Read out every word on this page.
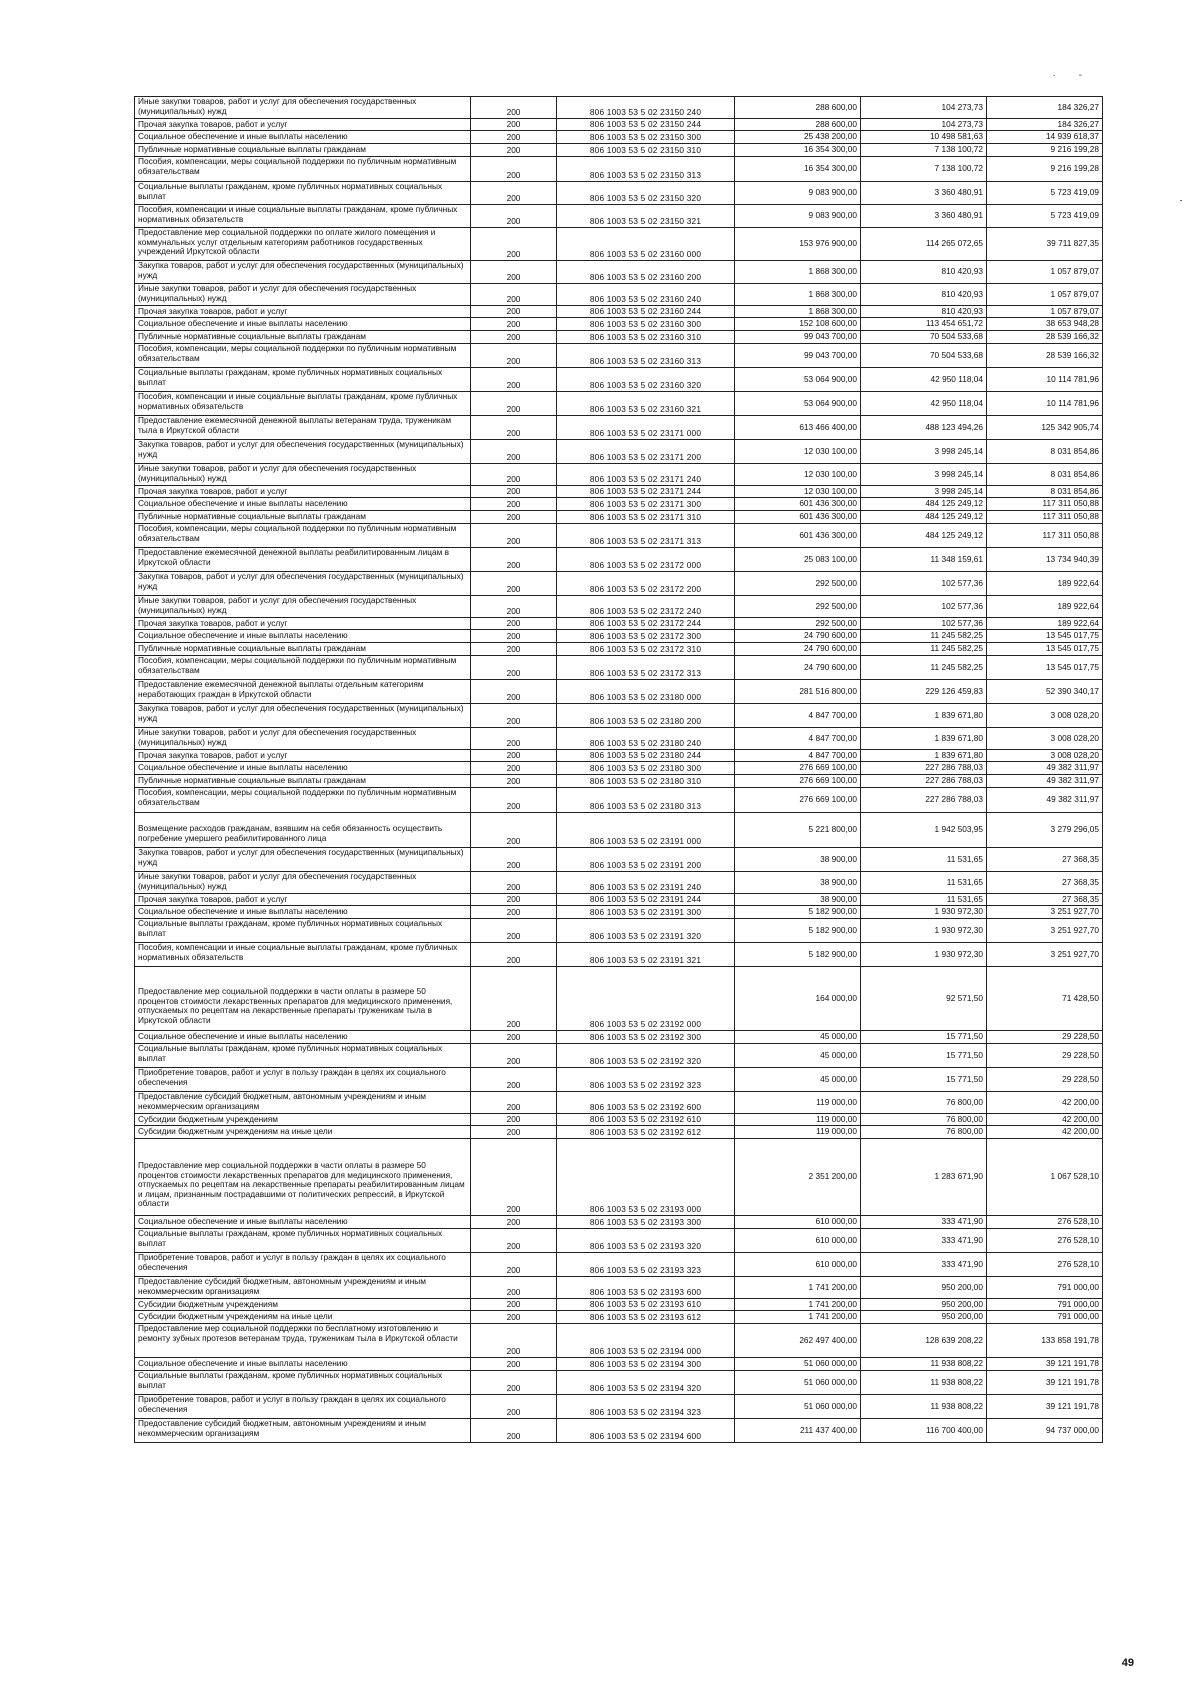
· -
Иные закупки товаров, работ и услуг для обеспечения государственных (муниципальных) нужд	200	806 1003 53 5 02 23150 240	288 600,00	104 273,73	184 326,27
Прочая закупка товаров, работ и услуг	200	806 1003 53 5 02 23150 244	288 600,00	104 273,73	184 326,27
Социальное обеспечение и иные выплаты населению	200	806 1003 53 5 02 23150 300	25 438 200,00	10 498 581,63	14 939 618,37
Публичные нормативные социальные выплаты гражданам	200	806 1003 53 5 02 23150 310	16 354 300,00	7 138 100,72	9 216 199,28
Пособия, компенсации, меры социальной поддержки по публичным нормативным обязательствам	200	806 1003 53 5 02 23150 313	16 354 300,00	7 138 100,72	9 216 199,28
Социальные выплаты гражданам, кроме публичных нормативных социальных выплат	200	806 1003 53 5 02 23150 320	9 083 900,00	3 360 480,91	5 723 419,09
Пособия, компенсации и иные социальные выплаты гражданам, кроме публичных нормативных обязательств	200	806 1003 53 5 02 23150 321	9 083 900,00	3 360 480,91	5 723 419,09
Предоставление мер социальной поддержки по оплате жилого помещения и коммунальных услуг отдельным категориям работников государственных учреждений Иркутской области	200	806 1003 53 5 02 23160 000	153 976 900,00	114 265 072,65	39 711 827,35
Закупка товаров, работ и услуг для обеспечения государственных (муниципальных) нужд	200	806 1003 53 5 02 23160 200	1 868 300,00	810 420,93	1 057 879,07
Иные закупки товаров, работ и услуг для обеспечения государственных (муниципальных) нужд	200	806 1003 53 5 02 23160 240	1 868 300,00	810 420,93	1 057 879,07
Прочая закупка товаров, работ и услуг	200	806 1003 53 5 02 23160 244	1 868 300,00	810 420,93	1 057 879,07
Социальное обеспечение и иные выплаты населению	200	806 1003 53 5 02 23160 300	152 108 600,00	113 454 651,72	38 653 948,28
Публичные нормативные социальные выплаты гражданам	200	806 1003 53 5 02 23160 310	99 043 700,00	70 504 533,68	28 539 166,32
Пособия, компенсации, меры социальной поддержки по публичным нормативным обязательствам	200	806 1003 53 5 02 23160 313	99 043 700,00	70 504 533,68	28 539 166,32
Социальные выплаты гражданам, кроме публичных нормативных социальных выплат	200	806 1003 53 5 02 23160 320	53 064 900,00	42 950 118,04	10 114 781,96
Пособия, компенсации и иные социальные выплаты гражданам, кроме публичных нормативных обязательств	200	806 1003 53 5 02 23160 321	53 064 900,00	42 950 118,04	10 114 781,96
Предоставление ежемесячной денежной выплаты ветеранам труда, труженикам тыла в Иркутской области	200	806 1003 53 5 02 23171 000	613 466 400,00	488 123 494,26	125 342 905,74
Закупка товаров, работ и услуг для обеспечения государственных (муниципальных) нужд	200	806 1003 53 5 02 23171 200	12 030 100,00	3 998 245,14	8 031 854,86
Иные закупки товаров, работ и услуг для обеспечения государственных (муниципальных) нужд	200	806 1003 53 5 02 23171 240	12 030 100,00	3 998 245,14	8 031 854,86
Прочая закупка товаров, работ и услуг	200	806 1003 53 5 02 23171 244	12 030 100,00	3 998 245,14	8 031 854,86
Социальное обеспечение и иные выплаты населению	200	806 1003 53 5 02 23171 300	601 436 300,00	484 125 249,12	117 311 050,88
Публичные нормативные социальные выплаты гражданам	200	806 1003 53 5 02 23171 310	601 436 300,00	484 125 249,12	117 311 050,88
Пособия, компенсации, меры социальной поддержки по публичным нормативным обязательствам	200	806 1003 53 5 02 23171 313	601 436 300,00	484 125 249,12	117 311 050,88
Предоставление ежемесячной денежной выплаты реабилитированным лицам в Иркутской области	200	806 1003 53 5 02 23172 000	25 083 100,00	11 348 159,61	13 734 940,39
Закупка товаров, работ и услуг для обеспечения государственных (муниципальных) нужд	200	806 1003 53 5 02 23172 200	292 500,00	102 577,36	189 922,64
Иные закупки товаров, работ и услуг для обеспечения государственных (муниципальных) нужд	200	806 1003 53 5 02 23172 240	292 500,00	102 577,36	189 922,64
Прочая закупка товаров, работ и услуг	200	806 1003 53 5 02 23172 244	292 500,00	102 577,36	189 922,64
Социальное обеспечение и иные выплаты населению	200	806 1003 53 5 02 23172 300	24 790 600,00	11 245 582,25	13 545 017,75
Публичные нормативные социальные выплаты гражданам	200	806 1003 53 5 02 23172 310	24 790 600,00	11 245 582,25	13 545 017,75
Пособия, компенсации, меры социальной поддержки по публичным нормативным обязательствам	200	806 1003 53 5 02 23172 313	24 790 600,00	11 245 582,25	13 545 017,75
Предоставление ежемесячной денежной выплаты отдельным категориям неработающих граждан в Иркутской области	200	806 1003 53 5 02 23180 000	281 516 800,00	229 126 459,83	52 390 340,17
Закупка товаров, работ и услуг для обеспечения государственных (муниципальных) нужд	200	806 1003 53 5 02 23180 200	4 847 700,00	1 839 671,80	3 008 028,20
Иные закупки товаров, работ и услуг для обеспечения государственных (муниципальных) нужд	200	806 1003 53 5 02 23180 240	4 847 700,00	1 839 671,80	3 008 028,20
Прочая закупка товаров, работ и услуг	200	806 1003 53 5 02 23180 244	4 847 700,00	1 839 671,80	3 008 028,20
Социальное обеспечение и иные выплаты населению	200	806 1003 53 5 02 23180 300	276 669 100,00	227 286 788,03	49 382 311,97
Публичные нормативные социальные выплаты гражданам	200	806 1003 53 5 02 23180 310	276 669 100,00	227 286 788,03	49 382 311,97
Пособия, компенсации, меры социальной поддержки по публичным нормативным обязательствам	200	806 1003 53 5 02 23180 313	276 669 100,00	227 286 788,03	49 382 311,97
Возмещение расходов гражданам, взявшим на себя обязанность осуществить погребение умершего реабилитированного лица	200	806 1003 53 5 02 23191 000	5 221 800,00	1 942 503,95	3 279 296,05
Закупка товаров, работ и услуг для обеспечения государственных (муниципальных) нужд	200	806 1003 53 5 02 23191 200	38 900,00	11 531,65	27 368,35
Иные закупки товаров, работ и услуг для обеспечения государственных (муниципальных) нужд	200	806 1003 53 5 02 23191 240	38 900,00	11 531,65	27 368,35
Прочая закупка товаров, работ и услуг	200	806 1003 53 5 02 23191 244	38 900,00	11 531,65	27 368,35
Социальное обеспечение и иные выплаты населению	200	806 1003 53 5 02 23191 300	5 182 900,00	1 930 972,30	3 251 927,70
Социальные выплаты гражданам, кроме публичных нормативных социальных выплат	200	806 1003 53 5 02 23191 320	5 182 900,00	1 930 972,30	3 251 927,70
Пособия, компенсации и иные социальные выплаты гражданам, кроме публичных нормативных обязательств	200	806 1003 53 5 02 23191 321	5 182 900,00	1 930 972,30	3 251 927,70
Предоставление мер социальной поддержки в части оплаты в размере 50 процентов стоимости лекарственных препаратов для медицинского применения, отпускаемых по рецептам на лекарственные препараты труженикам тыла в Иркутской области	200	806 1003 53 5 02 23192 000	164 000,00	92 571,50	71 428,50
Социальное обеспечение и иные выплаты населению	200	806 1003 53 5 02 23192 300	45 000,00	15 771,50	29 228,50
Социальные выплаты гражданам, кроме публичных нормативных социальных выплат	200	806 1003 53 5 02 23192 320	45 000,00	15 771,50	29 228,50
Приобретение товаров, работ и услуг в пользу граждан в целях их социального обеспечения	200	806 1003 53 5 02 23192 323	45 000,00	15 771,50	29 228,50
Предоставление субсидий бюджетным, автономным учреждениям и иным некоммерческим организациям	200	806 1003 53 5 02 23192 600	119 000,00	76 800,00	42 200,00
Субсидии бюджетным учреждениям	200	806 1003 53 5 02 23192 610	119 000,00	76 800,00	42 200,00
Субсидии бюджетным учреждениям на иные цели	200	806 1003 53 5 02 23192 612	119 000,00	76 800,00	42 200,00
Предоставление мер социальной поддержки в части оплаты в размере 50 процентов стоимости лекарственных препаратов для медицинского применения, отпускаемых по рецептам на лекарственные препараты реабилитированным лицам и лицам, признанным пострадавшими от политических репрессий, в Иркутской области	200	806 1003 53 5 02 23193 000	2 351 200,00	1 283 671,90	1 067 528,10
Социальное обеспечение и иные выплаты населению	200	806 1003 53 5 02 23193 300	610 000,00	333 471,90	276 528,10
Социальные выплаты гражданам, кроме публичных нормативных социальных выплат	200	806 1003 53 5 02 23193 320	610 000,00	333 471,90	276 528,10
Приобретение товаров, работ и услуг в пользу граждан в целях их социального обеспечения	200	806 1003 53 5 02 23193 323	610 000,00	333 471,90	276 528,10
Предоставление субсидий бюджетным, автономным учреждениям и иным некоммерческим организациям	200	806 1003 53 5 02 23193 600	1 741 200,00	950 200,00	791 000,00
Субсидии бюджетным учреждениям	200	806 1003 53 5 02 23193 610	1 741 200,00	950 200,00	791 000,00
Субсидии бюджетным учреждениям на иные цели	200	806 1003 53 5 02 23193 612	1 741 200,00	950 200,00	791 000,00
Предоставление мер социальной поддержки по бесплатному изготовлению и ремонту зубных протезов ветеранам труда, труженикам тыла в Иркутской области	200	806 1003 53 5 02 23194 000	262 497 400,00	128 639 208,22	133 858 191,78
Социальное обеспечение и иные выплаты населению	200	806 1003 53 5 02 23194 300	51 060 000,00	11 938 808,22	39 121 191,78
Социальные выплаты гражданам, кроме публичных нормативных социальных выплат	200	806 1003 53 5 02 23194 320	51 060 000,00	11 938 808,22	39 121 191,78
Приобретение товаров, работ и услуг в пользу граждан в целях их социального обеспечения	200	806 1003 53 5 02 23194 323	51 060 000,00	11 938 808,22	39 121 191,78
Предоставление субсидий бюджетным, автономным учреждениям и иным некоммерческим организациям	200	806 1003 53 5 02 23194 600	211 437 400,00	116 700 400,00	94 737 000,00
49
